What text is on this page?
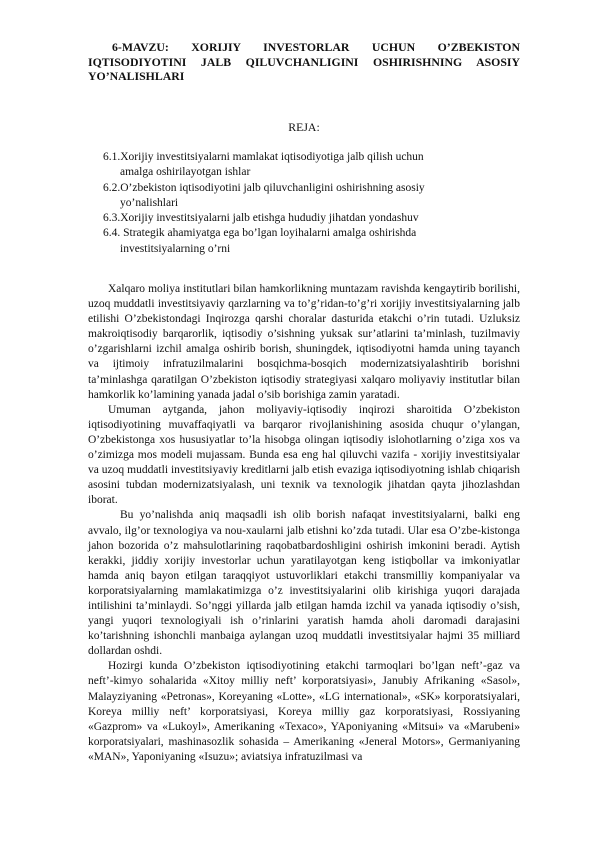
6-MAVZU: XORIJIY INVESTORLAR UCHUN O’ZBEKISTON IQTISODIYOTINI JALB QILUVCHANLIGINI OSHIRISHNING ASOSIY YO’NALISHLARI
REJA:
6.1.Xorijiy investitsiyalarni mamlakat iqtisodiyotiga jalb qilish uchun
amalga oshirilayotgan ishlar
6.2.O’zbekiston iqtisodiyotini jalb qiluvchanligini oshirishning asosiy
yo’nalishlari
6.3.Xorijiy investitsiyalarni jalb etishga hududiy jihatdan yondashuv
6.4. Strategik ahamiyatga ega bo’lgan loyihalarni amalga oshirishda
investitsiyalarning o’rni

Xalqaro moliya institutlari bilan hamkorlikning muntazam ravishda kengaytirib borilishi, uzoq muddatli investitsiyaviy qarzlarning va to’g’ridan-to’g’ri xorijiy investitsiyalarning jalb etilishi O’zbekistondagi Inqirozga qarshi choralar dasturida etakchi o’rin tutadi. Uzluksiz makroiqtisodiy barqarorlik, iqtisodiy o’sishning yuksak sur’atlarini ta’minlash, tuzilmaviy o’zgarishlarni izchil amalga oshirib borish, shuningdek, iqtisodiyotni hamda uning tayanch va ijtimoiy infratuzilmalarini bosqichma-bosqich modernizatsiyalashtirib borishni ta’minlashga qaratilgan O’zbekiston iqtisodiy strategiyasi xalqaro moliyaviy institutlar bilan hamkorlik ko’lamining yanada jadal o’sib borishiga zamin yaratadi.

Umuman aytganda, jahon moliyaviy-iqtisodiy inqirozi sharoitida O’zbekiston iqtisodiyotining muvaffaqiyatli va barqaror rivojlanishining asosida chuqur o’ylangan, O’zbekistonga xos hususiyatlar to’la hisobga olingan iqtisodiy islohotlarning o’ziga xos va o’zimizga mos modeli mujassam. Bunda esa eng hal qiluvchi vazifa - xorijiy investitsiyalar va uzoq muddatli investitsiyaviy kreditlarni jalb etish evaziga iqtisodiyotning ishlab chiqarish asosini tubdan modernizatsiyalash, uni texnik va texnologik jihatdan qayta jihozlashdan iborat.

Bu yo’nalishda aniq maqsadli ish olib borish nafaqat investitsiyalarni, balki eng avvalo, ilg’or texnologiya va nou-xaularni jalb etishni ko’zda tutadi. Ular esa O’zbe-kistonga jahon bozorida o’z mahsulotlarining raqobatbardoshligini oshirish imkonini beradi. Aytish kerakki, jiddiy xorijiy investorlar uchun yaratilayotgan keng istiqbollar va imkoniyatlar hamda aniq bayon etilgan taraqqiyot ustuvorliklari etakchi transmilliy kompaniyalar va korporatsiyalarning mamlakatimizga o’z investitsiyalarini olib kirishiga yuqori darajada intilishini ta’minlaydi. So’nggi yillarda jalb etilgan hamda izchil va yanada iqtisodiy o’sish, yangi yuqori texnologiyali ish o’rinlarini yaratish hamda aholi daromadi darajasini ko’tarishning ishonchli manbaiga aylangan uzoq muddatli investitsiyalar hajmi 35 milliard dollardan oshdi.

Hozirgi kunda O’zbekiston iqtisodiyotining etakchi tarmoqlari bo’lgan neft’-gaz va neft’-kimyo sohalarida «Xitoy milliy neft’ korporatsiyasi», Janubiy Afrikaning «Sasol», Malayziyaning «Petronas», Koreyaning «Lotte», «LG international», «SK» korporatsiyalari, Koreya milliy neft’ korporatsiyasi, Koreya milliy gaz korporatsiyasi, Rossiyaning «Gazprom» va «Lukoyl», Amerikaning «Texaco», YAponiyaning «Mitsui» va «Marubeni» korporatsiyalari, mashinasozlik sohasida – Amerikaning «Jeneral Motors», Germaniyaning «MAN», Yaponiyaning «Isuzu»; aviatsiya infratuzilmasi va
